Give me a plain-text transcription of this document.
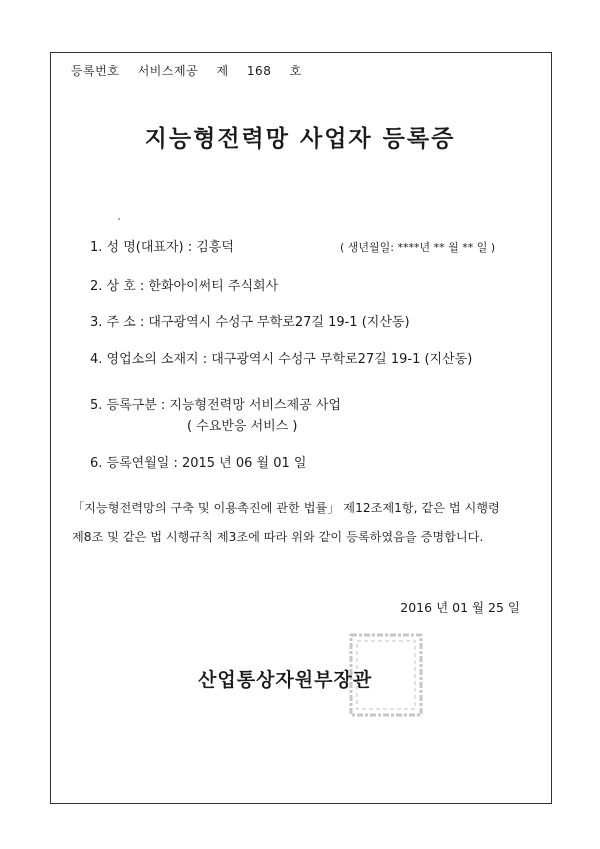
등록번호 서비스제공 제 168 호
지능형전력망 사업자 등록증
1. 성 명(대표자) : 김흥덕	( 생년월일: ****년 ** 월 ** 일 )
2. 상 호 : 한화아이써티 주식회사
3. 주 소 : 대구광역시 수성구 무학로27길 19-1 (지산동)
4. 영업소의 소재지 : 대구광역시 수성구 무학로27길 19-1 (지산동)
5. 등록구분 : 지능형전력망 서비스제공 사업
( 수요반응 서비스 )
6. 등록연월일 : 2015 년 06 월 01 일
「지능형전력망의 구축 및 이용촉진에 관한 법률」 제12조제1항, 같은 법 시행령
제8조 및 같은 법 시행규칙 제3조에 따라 위와 같이 등록하였음을 증명합니다.
2016 년 01 월 25 일
산업통상자원부장관
